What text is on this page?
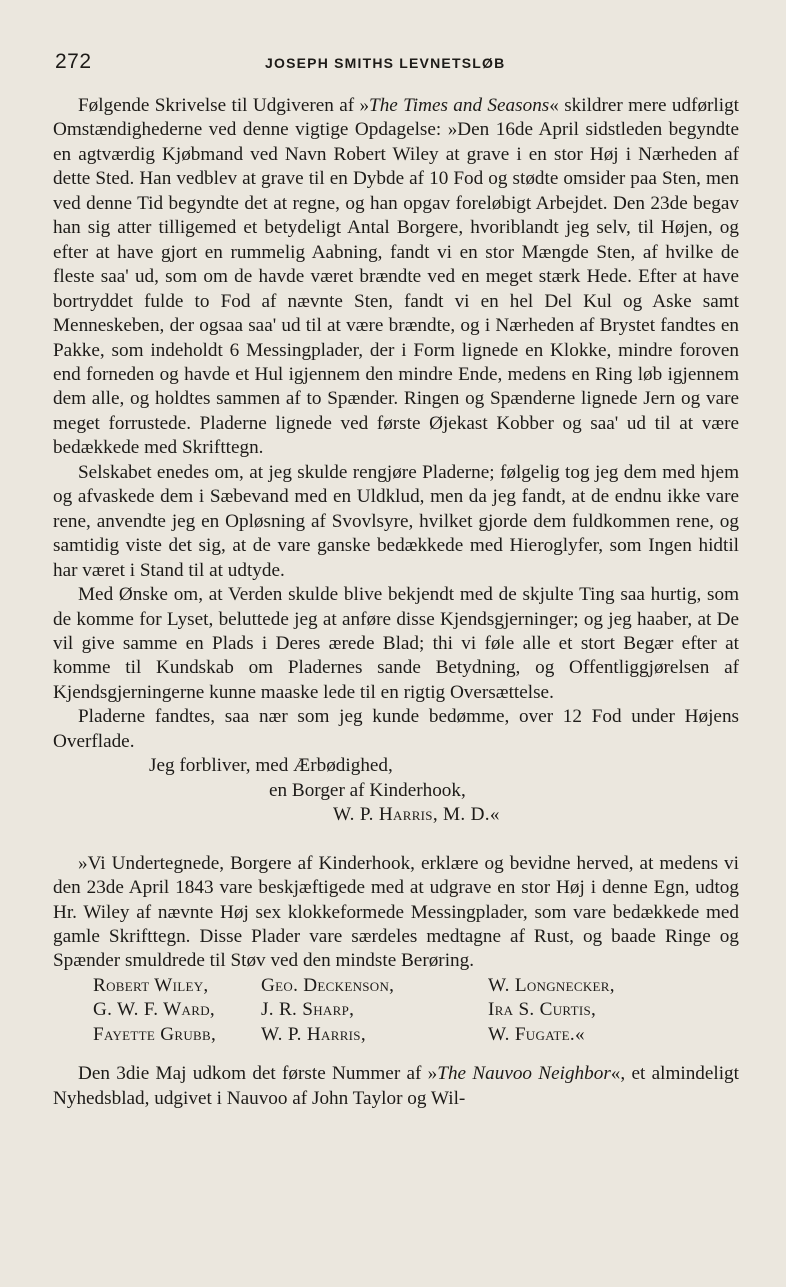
272	JOSEPH SMITHS LEVNETSLØB

Følgende Skrivelse til Udgiveren af »The Times and Seasons« skildrer mere udførligt Omstændighederne ved denne vigtige Opdagelse: »Den 16de April sidstleden begyndte en agtværdig Kjøbmand ved Navn Robert Wiley at grave i en stor Høj i Nærheden af dette Sted. Han vedblev at grave til en Dybde af 10 Fod og stødte omsider paa Sten, men ved denne Tid begyndte det at regne, og han opgav foreløbigt Arbejdet. Den 23de begav han sig atter tilligemed et betydeligt Antal Borgere, hvoriblandt jeg selv, til Højen, og efter at have gjort en rummelig Aabning, fandt vi en stor Mængde Sten, af hvilke de fleste saa' ud, som om de havde været brændte ved en meget stærk Hede. Efter at have bortryddet fulde to Fod af nævnte Sten, fandt vi en hel Del Kul og Aske samt Menneskeben, der ogsaa saa' ud til at være brændte, og i Nærheden af Brystet fandtes en Pakke, som indeholdt 6 Messingplader, der i Form lignede en Klokke, mindre foroven end forneden og havde et Hul igjennem den mindre Ende, medens en Ring løb igjennem dem alle, og holdtes sammen af to Spænder. Ringen og Spænderne lignede Jern og vare meget forrustede. Pladerne lignede ved første Øjekast Kobber og saa' ud til at være bedækkede med Skrifttegn.

Selskabet enedes om, at jeg skulde rengjøre Pladerne; følgelig tog jeg dem med hjem og afvaskede dem i Sæbevand med en Uldklud, men da jeg fandt, at de endnu ikke vare rene, anvendte jeg en Opløsning af Svovlsyre, hvilket gjorde dem fuldkommen rene, og samtidig viste det sig, at de vare ganske bedækkede med Hieroglyfer, som Ingen hidtil har været i Stand til at udtyde.

Med Ønske om, at Verden skulde blive bekjendt med de skjulte Ting saa hurtig, som de komme for Lyset, beluttede jeg at anføre disse Kjendsgjerninger; og jeg haaber, at De vil give samme en Plads i Deres ærede Blad; thi vi føle alle et stort Begær efter at komme til Kundskab om Pladernes sande Betydning, og Offentliggjørelsen af Kjendsgjerningerne kunne maaske lede til en rigtig Oversættelse.

Pladerne fandtes, saa nær som jeg kunde bedømme, over 12 Fod under Højens Overflade.

Jeg forbliver, med Ærbødighed,
en Borger af Kinderhook,
W. P. Harris, M. D.«

»Vi Undertegnede, Borgere af Kinderhook, erklære og bevidne herved, at medens vi den 23de April 1843 vare beskjæftigede med at udgrave en stor Høj i denne Egn, udtog Hr. Wiley af nævnte Høj sex klokkeformede Messingplader, som vare bedækkede med gamle Skrifttegn. Disse Plader vare særdeles medtagne af Rust, og baade Ringe og Spænder smuldrede til Støv ved den mindste Berøring.

Robert Wiley,	Geo. Deckenson,	W. Longnecker,
G. W. F. Ward,	J. R. Sharp,	Ira S. Curtis,
Fayette Grubb,	W. P. Harris,	W. Fugate.«

Den 3die Maj udkom det første Nummer af »The Nauvoo Neighbor«, et almindeligt Nyhedsblad, udgivet i Nauvoo af John Taylor og Wil-
